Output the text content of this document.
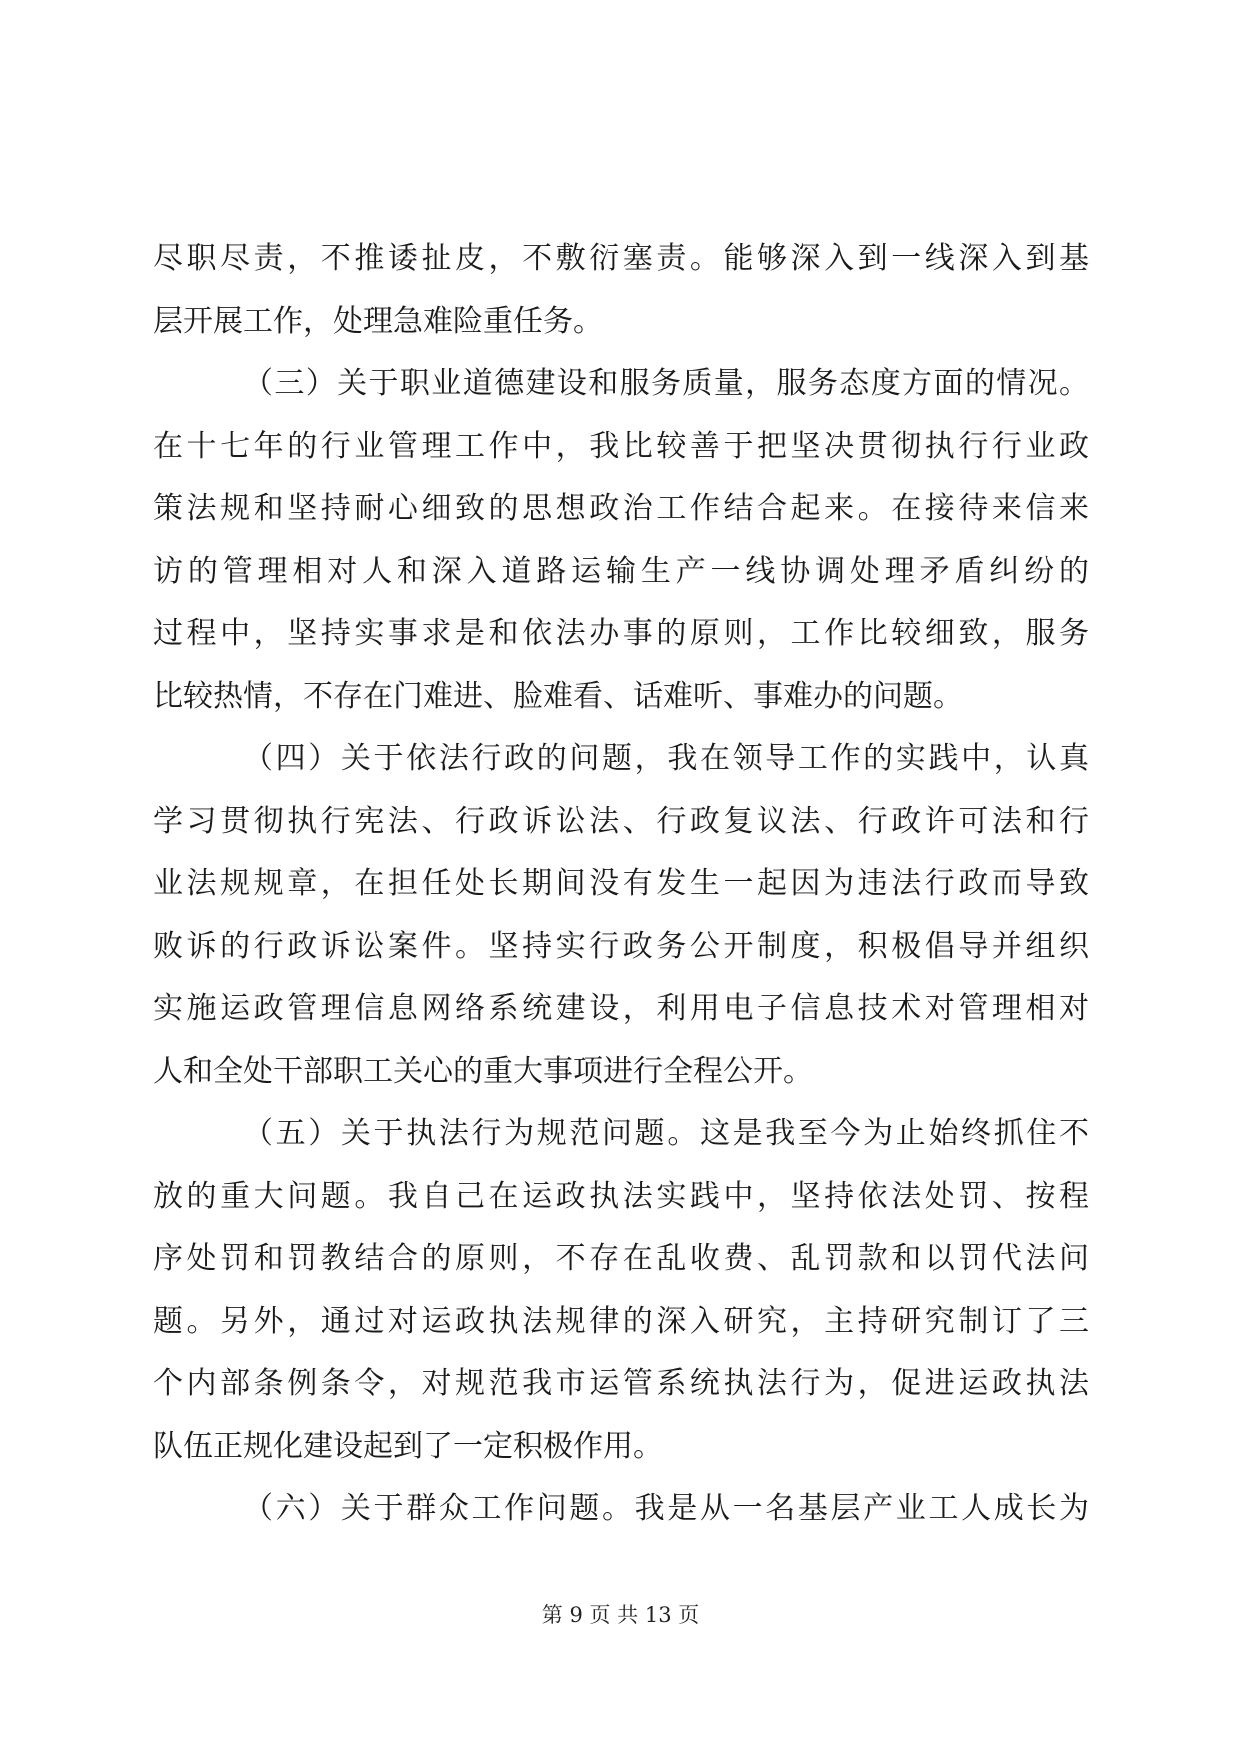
尽职尽责，不推诿扯皮，不敷衍塞责。能够深入到一线深入到基
层开展工作，处理急难险重任务。
（三）关于职业道德建设和服务质量，服务态度方面的情况。
在十七年的行业管理工作中，我比较善于把坚决贯彻执行行业政
策法规和坚持耐心细致的思想政治工作结合起来。在接待来信来
访的管理相对人和深入道路运输生产一线协调处理矛盾纠纷的
过程中，坚持实事求是和依法办事的原则，工作比较细致，服务
比较热情，不存在门难进、脸难看、话难听、事难办的问题。
（四）关于依法行政的问题，我在领导工作的实践中，认真
学习贯彻执行宪法、行政诉讼法、行政复议法、行政许可法和行
业法规规章，在担任处长期间没有发生一起因为违法行政而导致
败诉的行政诉讼案件。坚持实行政务公开制度，积极倡导并组织
实施运政管理信息网络系统建设，利用电子信息技术对管理相对
人和全处干部职工关心的重大事项进行全程公开。
（五）关于执法行为规范问题。这是我至今为止始终抓住不
放的重大问题。我自己在运政执法实践中，坚持依法处罚、按程
序处罚和罚教结合的原则，不存在乱收费、乱罚款和以罚代法问
题。另外，通过对运政执法规律的深入研究，主持研究制订了三
个内部条例条令，对规范我市运管系统执法行为，促进运政执法
队伍正规化建设起到了一定积极作用。
（六）关于群众工作问题。我是从一名基层产业工人成长为
第 9 页 共 13 页
